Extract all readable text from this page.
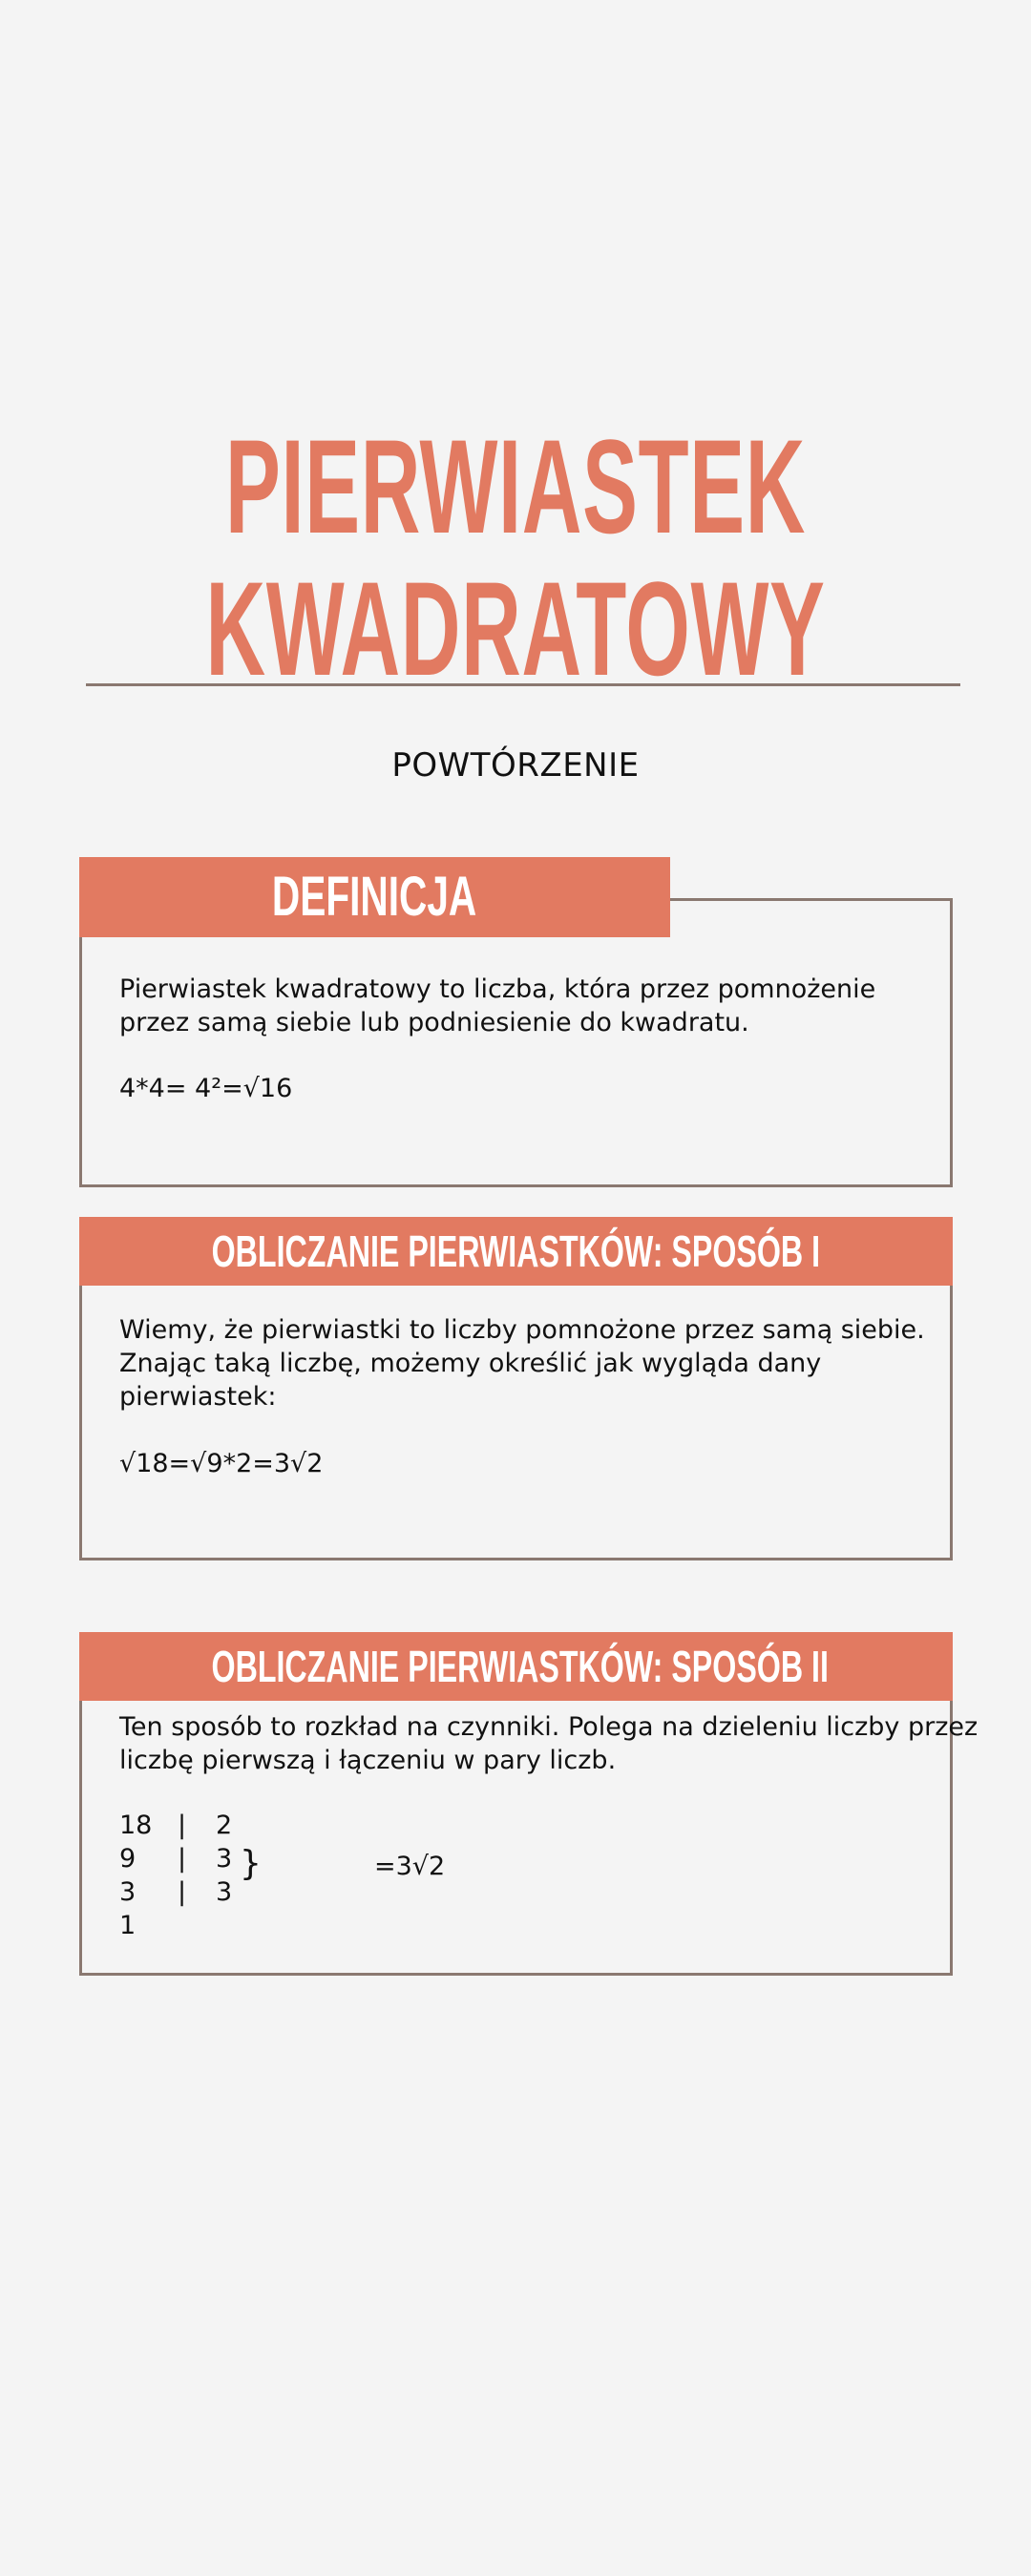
PIERWIASTEK
KWADRATOWY
POWTÓRZENIE
DEFINICJA

Pierwiastek kwadratowy to liczba, która przez pomnożenie

przez samą siebie lub podniesienie do kwadratu.

4*4= 4²=√16
OBLICZANIE PIERWIASTKÓW: SPOSÓB I

Wiemy, że pierwiastki to liczby pomnożone przez samą siebie.

Znając taką liczbę, możemy określić jak wygląda dany

pierwiastek:

√18=√9*2=3√2
OBLICZANIE PIERWIASTKÓW: SPOSÓB II

Ten sposób to rozkład na czynniki. Polega na dzieleniu liczby przez

liczbę pierwszą i łączeniu w pary liczb.

18
9
3
1
|
|
|
2
3
3
}	=3√2
